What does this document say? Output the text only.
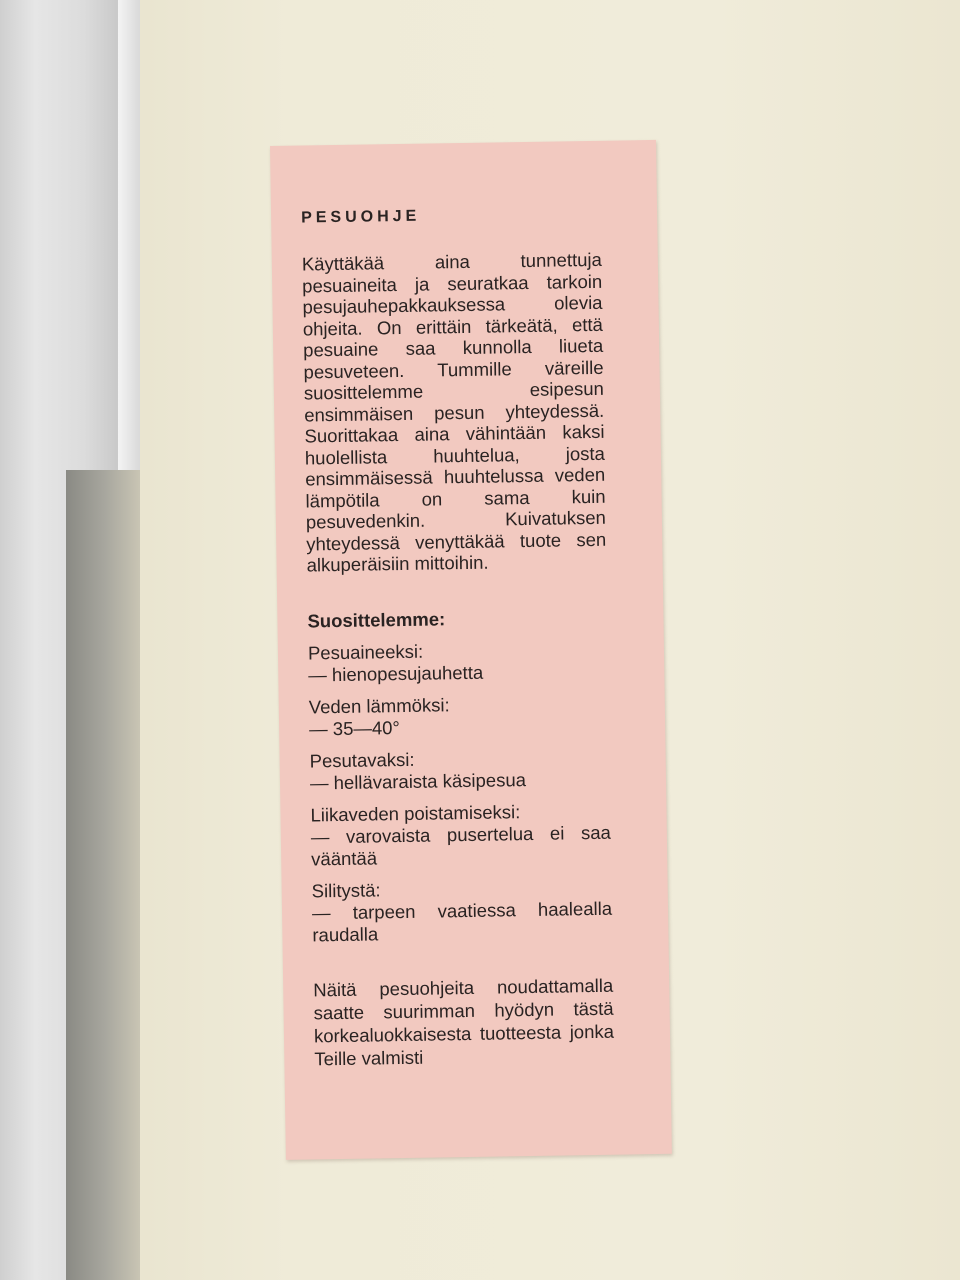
PESUOHJE
Käyttäkää aina tunnettuja pesuaineita ja seuratkaa tarkoin pesujauhepakkauksessa olevia ohjeita. On erittäin tärkeätä, että pesuaine saa kunnolla liueta pesuveteen. Tummille väreille suosittelemme esipesun ensimmäisen pesun yhteydessä. Suorittakaa aina vähintään kaksi huolellista huuhtelua, josta ensimmäisessä huuhtelussa veden lämpötila on sama kuin pesuvedenkin. Kuivatuksen yhteydessä venyttäkää tuote sen alkuperäisiin mittoihin.
Suosittelemme:
Pesuaineeksi:
— hienopesujauhetta
Veden lämmöksi:
— 35—40°
Pesutavaksi:
— hellävaraista käsipesua
Liikaveden poistamiseksi:
— varovaista pusertelua ei saa vääntää
Silitystä:
— tarpeen vaatiessa haalealla raudalla
Näitä pesuohjeita noudattamalla saatte suurimman hyödyn tästä korkealuokkaisesta tuotteesta jonka Teille valmisti
